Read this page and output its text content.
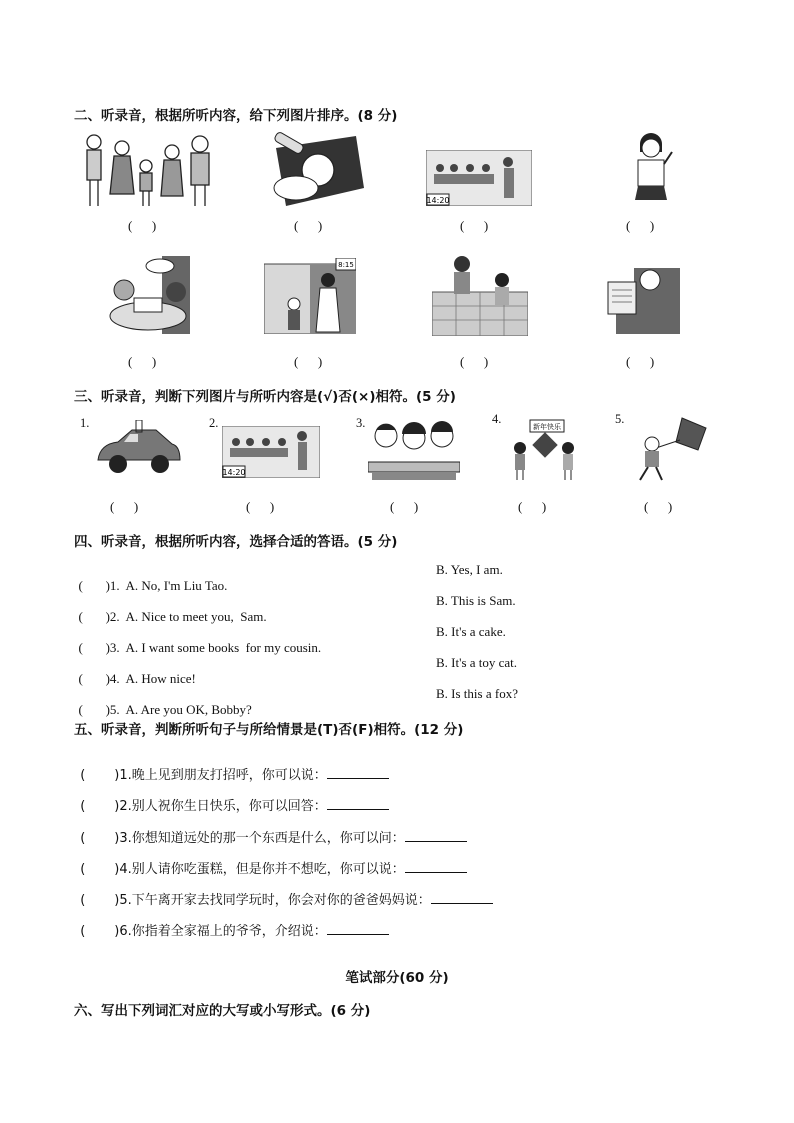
二、听录音，根据所听内容，给下列图片排序。(8 分)
14:20
(      )	(      )	(      )	(      )
8:15
(      )	(      )	(      )	(      )
三、听录音，判断下列图片与所听内容是(√)否(×)相符。(5 分)
1.	2.
14:20
3.	4.
新年快乐
5.
(      )	(      )	(      )	(      )	(      )
四、听录音，根据所听内容，选择合适的答语。(5 分)

(       )1.  A. No, I'm Liu Tao.

B. Yes, I am.

(       )2.  A. Nice to meet you,  Sam.

B. This is Sam.

(       )3.  A. I want some books  for my cousin.

B. It's a cake.

(       )4.  A. How nice!

B. It's a toy cat.

(       )5.  A. Are you OK, Bobby?

B. Is this a fox?

五、听录音，判断所听句子与所给情景是(T)否(F)相符。(12 分)

(       )1.晚上见到朋友打招呼，你可以说：

(       )2.别人祝你生日快乐，你可以回答：

(       )3.你想知道远处的那一个东西是什么，你可以问：

(       )4.别人请你吃蛋糕，但是你并不想吃，你可以说：

(       )5.下午离开家去找同学玩时，你会对你的爸爸妈妈说：

(       )6.你指着全家福上的爷爷，介绍说：

笔试部分(60 分)
六、写出下列词汇对应的大写或小写形式。(6 分)
